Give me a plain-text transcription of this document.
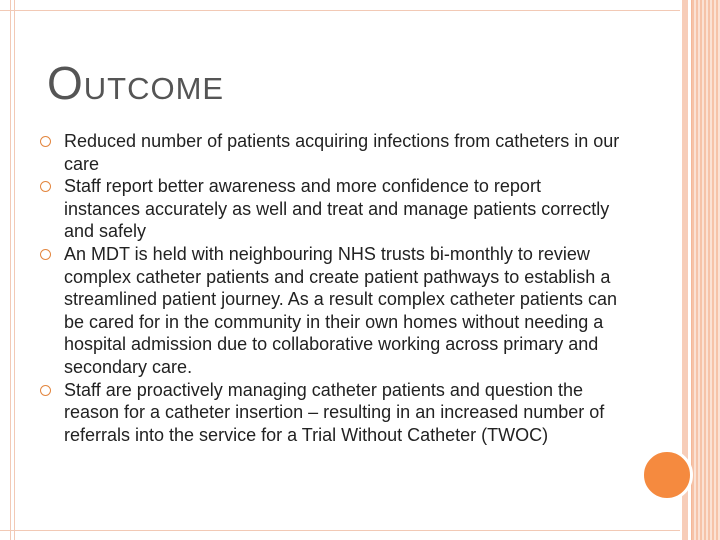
OUTCOME
Reduced number of patients acquiring infections from catheters in our care
Staff report better awareness and more confidence to report instances accurately as well and treat and manage patients correctly and safely
An MDT is held with neighbouring NHS trusts bi-monthly to review complex catheter patients and create patient pathways to establish a streamlined patient journey. As a result complex catheter patients can be cared for in the community in their own homes without needing a hospital admission due to collaborative working across primary and secondary care.
Staff are proactively managing catheter patients and question the reason for a catheter insertion – resulting in an increased number of referrals into the service for a Trial Without Catheter (TWOC)
